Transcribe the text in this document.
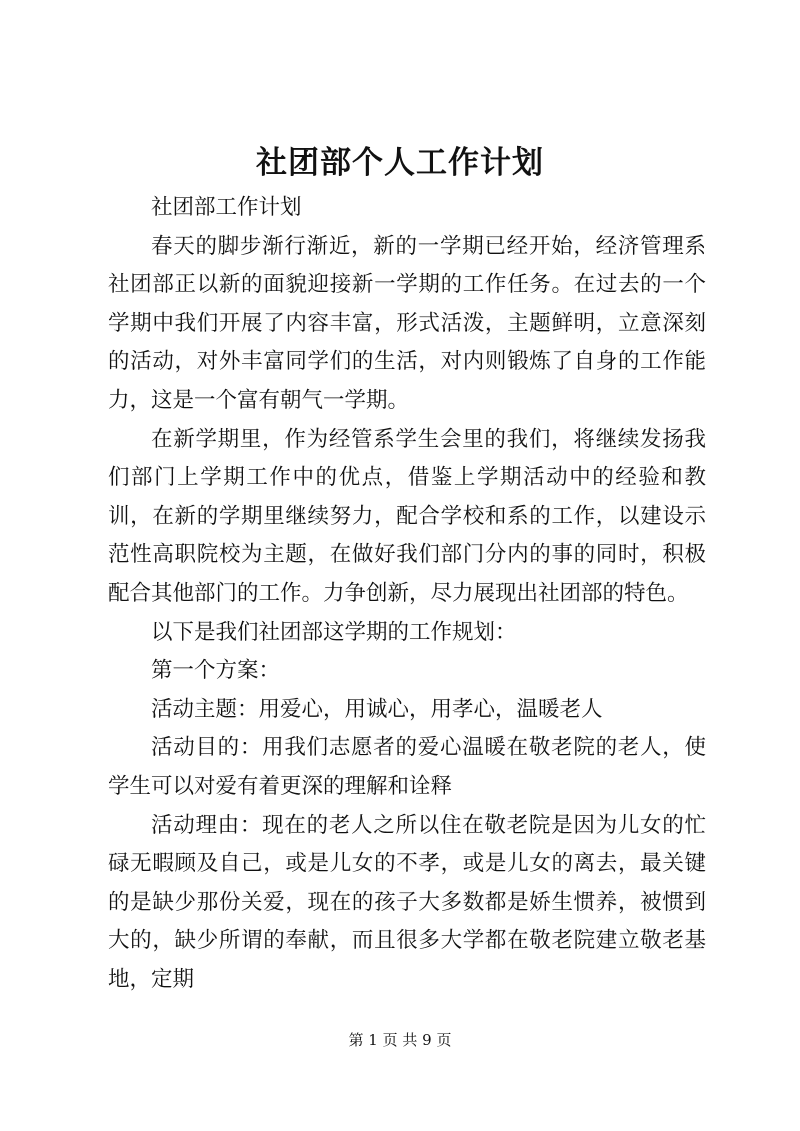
社团部个人工作计划

社团部工作计划

春天的脚步渐行渐近，新的一学期已经开始，经济管理系社团部正以新的面貌迎接新一学期的工作任务。在过去的一个学期中我们开展了内容丰富，形式活泼，主题鲜明，立意深刻的活动，对外丰富同学们的生活，对内则锻炼了自身的工作能力，这是一个富有朝气一学期。

在新学期里，作为经管系学生会里的我们，将继续发扬我们部门上学期工作中的优点，借鉴上学期活动中的经验和教训，在新的学期里继续努力，配合学校和系的工作，以建设示范性高职院校为主题，在做好我们部门分内的事的同时，积极配合其他部门的工作。力争创新，尽力展现出社团部的特色。

以下是我们社团部这学期的工作规划：

第一个方案：

活动主题：用爱心，用诚心，用孝心，温暖老人

活动目的：用我们志愿者的爱心温暖在敬老院的老人，使学生可以对爱有着更深的理解和诠释

活动理由：现在的老人之所以住在敬老院是因为儿女的忙碌无暇顾及自己，或是儿女的不孝，或是儿女的离去，最关键的是缺少那份关爱，现在的孩子大多数都是娇生惯养，被惯到大的，缺少所谓的奉献，而且很多大学都在敬老院建立敬老基地，定期

第 1 页 共 9 页
